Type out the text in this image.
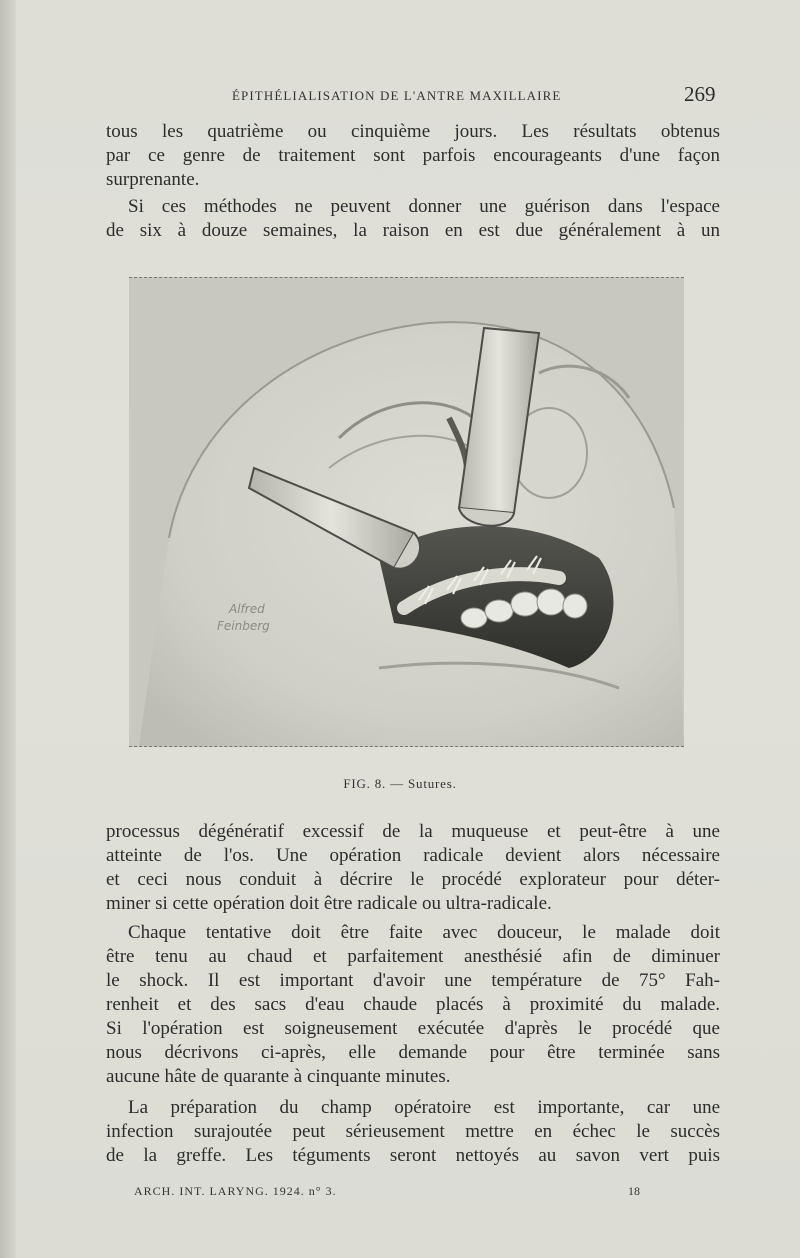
ÉPITHÉLIALISATION DE L'ANTRE MAXILLAIRE	269
tous les quatrième ou cinquième jours. Les résultats obtenus
par ce genre de traitement sont parfois encourageants d'une façon
surprenante.
Si ces méthodes ne peuvent donner une guérison dans l'espace
de six à douze semaines, la raison en est due généralement à un
Alfred
Feinberg
FIG. 8. — Sutures.
processus dégénératif excessif de la muqueuse et peut-être à une
atteinte de l'os. Une opération radicale devient alors nécessaire
et ceci nous conduit à décrire le procédé explorateur pour déter-
miner si cette opération doit être radicale ou ultra-radicale.
Chaque tentative doit être faite avec douceur, le malade doit
être tenu au chaud et parfaitement anesthésié afin de diminuer
le shock. Il est important d'avoir une température de 75° Fah-
renheit et des sacs d'eau chaude placés à proximité du malade.
Si l'opération est soigneusement exécutée d'après le procédé que
nous décrivons ci-après, elle demande pour être terminée sans
aucune hâte de quarante à cinquante minutes.
La préparation du champ opératoire est importante, car une
infection surajoutée peut sérieusement mettre en échec le succès
de la greffe. Les téguments seront nettoyés au savon vert puis
ARCH. INT. LARYNG. 1924. n° 3.	18
